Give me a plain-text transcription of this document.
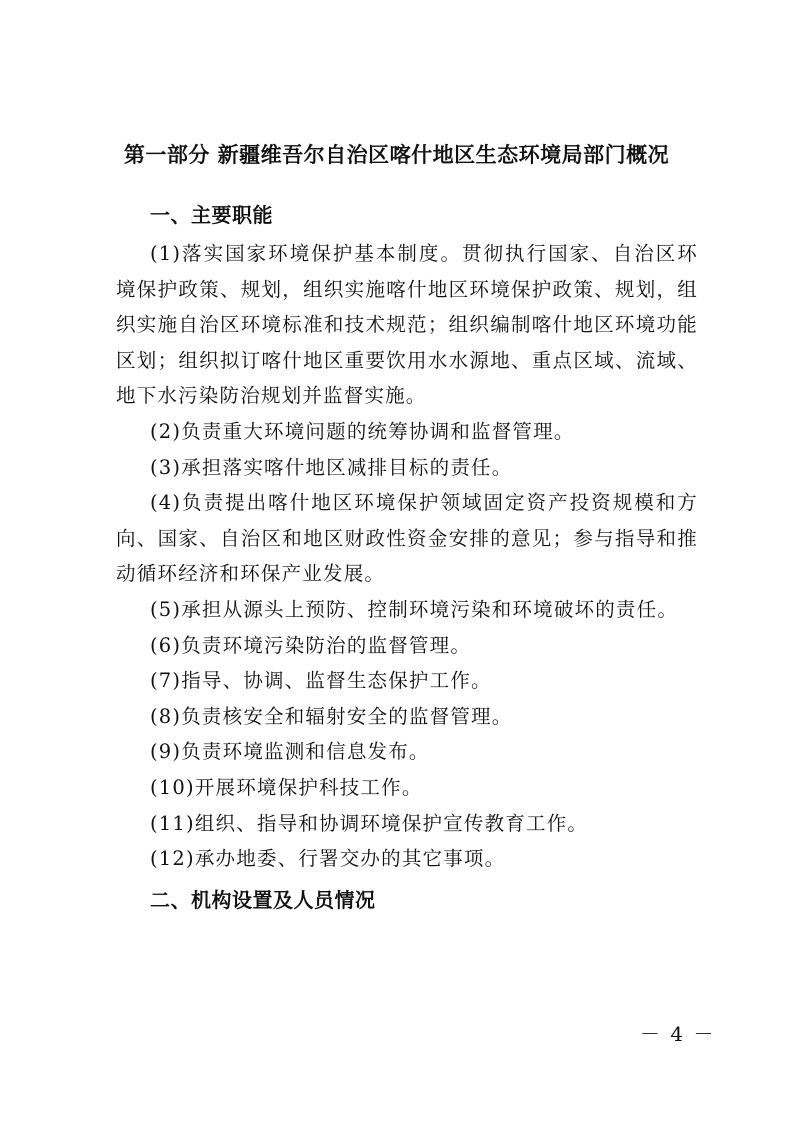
第一部分 新疆维吾尔自治区喀什地区生态环境局部门概况
一、主要职能

(1)落实国家环境保护基本制度。贯彻执行国家、自治区环境保护政策、规划，组织实施喀什地区环境保护政策、规划，组织实施自治区环境标准和技术规范；组织编制喀什地区环境功能区划；组织拟订喀什地区重要饮用水水源地、重点区域、流域、地下水污染防治规划并监督实施。

(2)负责重大环境问题的统筹协调和监督管理。

(3)承担落实喀什地区减排目标的责任。

(4)负责提出喀什地区环境保护领域固定资产投资规模和方向、国家、自治区和地区财政性资金安排的意见；参与指导和推动循环经济和环保产业发展。

(5)承担从源头上预防、控制环境污染和环境破坏的责任。

(6)负责环境污染防治的监督管理。

(7)指导、协调、监督生态保护工作。

(8)负责核安全和辐射安全的监督管理。

(9)负责环境监测和信息发布。

(10)开展环境保护科技工作。

(11)组织、指导和协调环境保护宣传教育工作。

(12)承办地委、行署交办的其它事项。

二、机构设置及人员情况
－ 4 －
